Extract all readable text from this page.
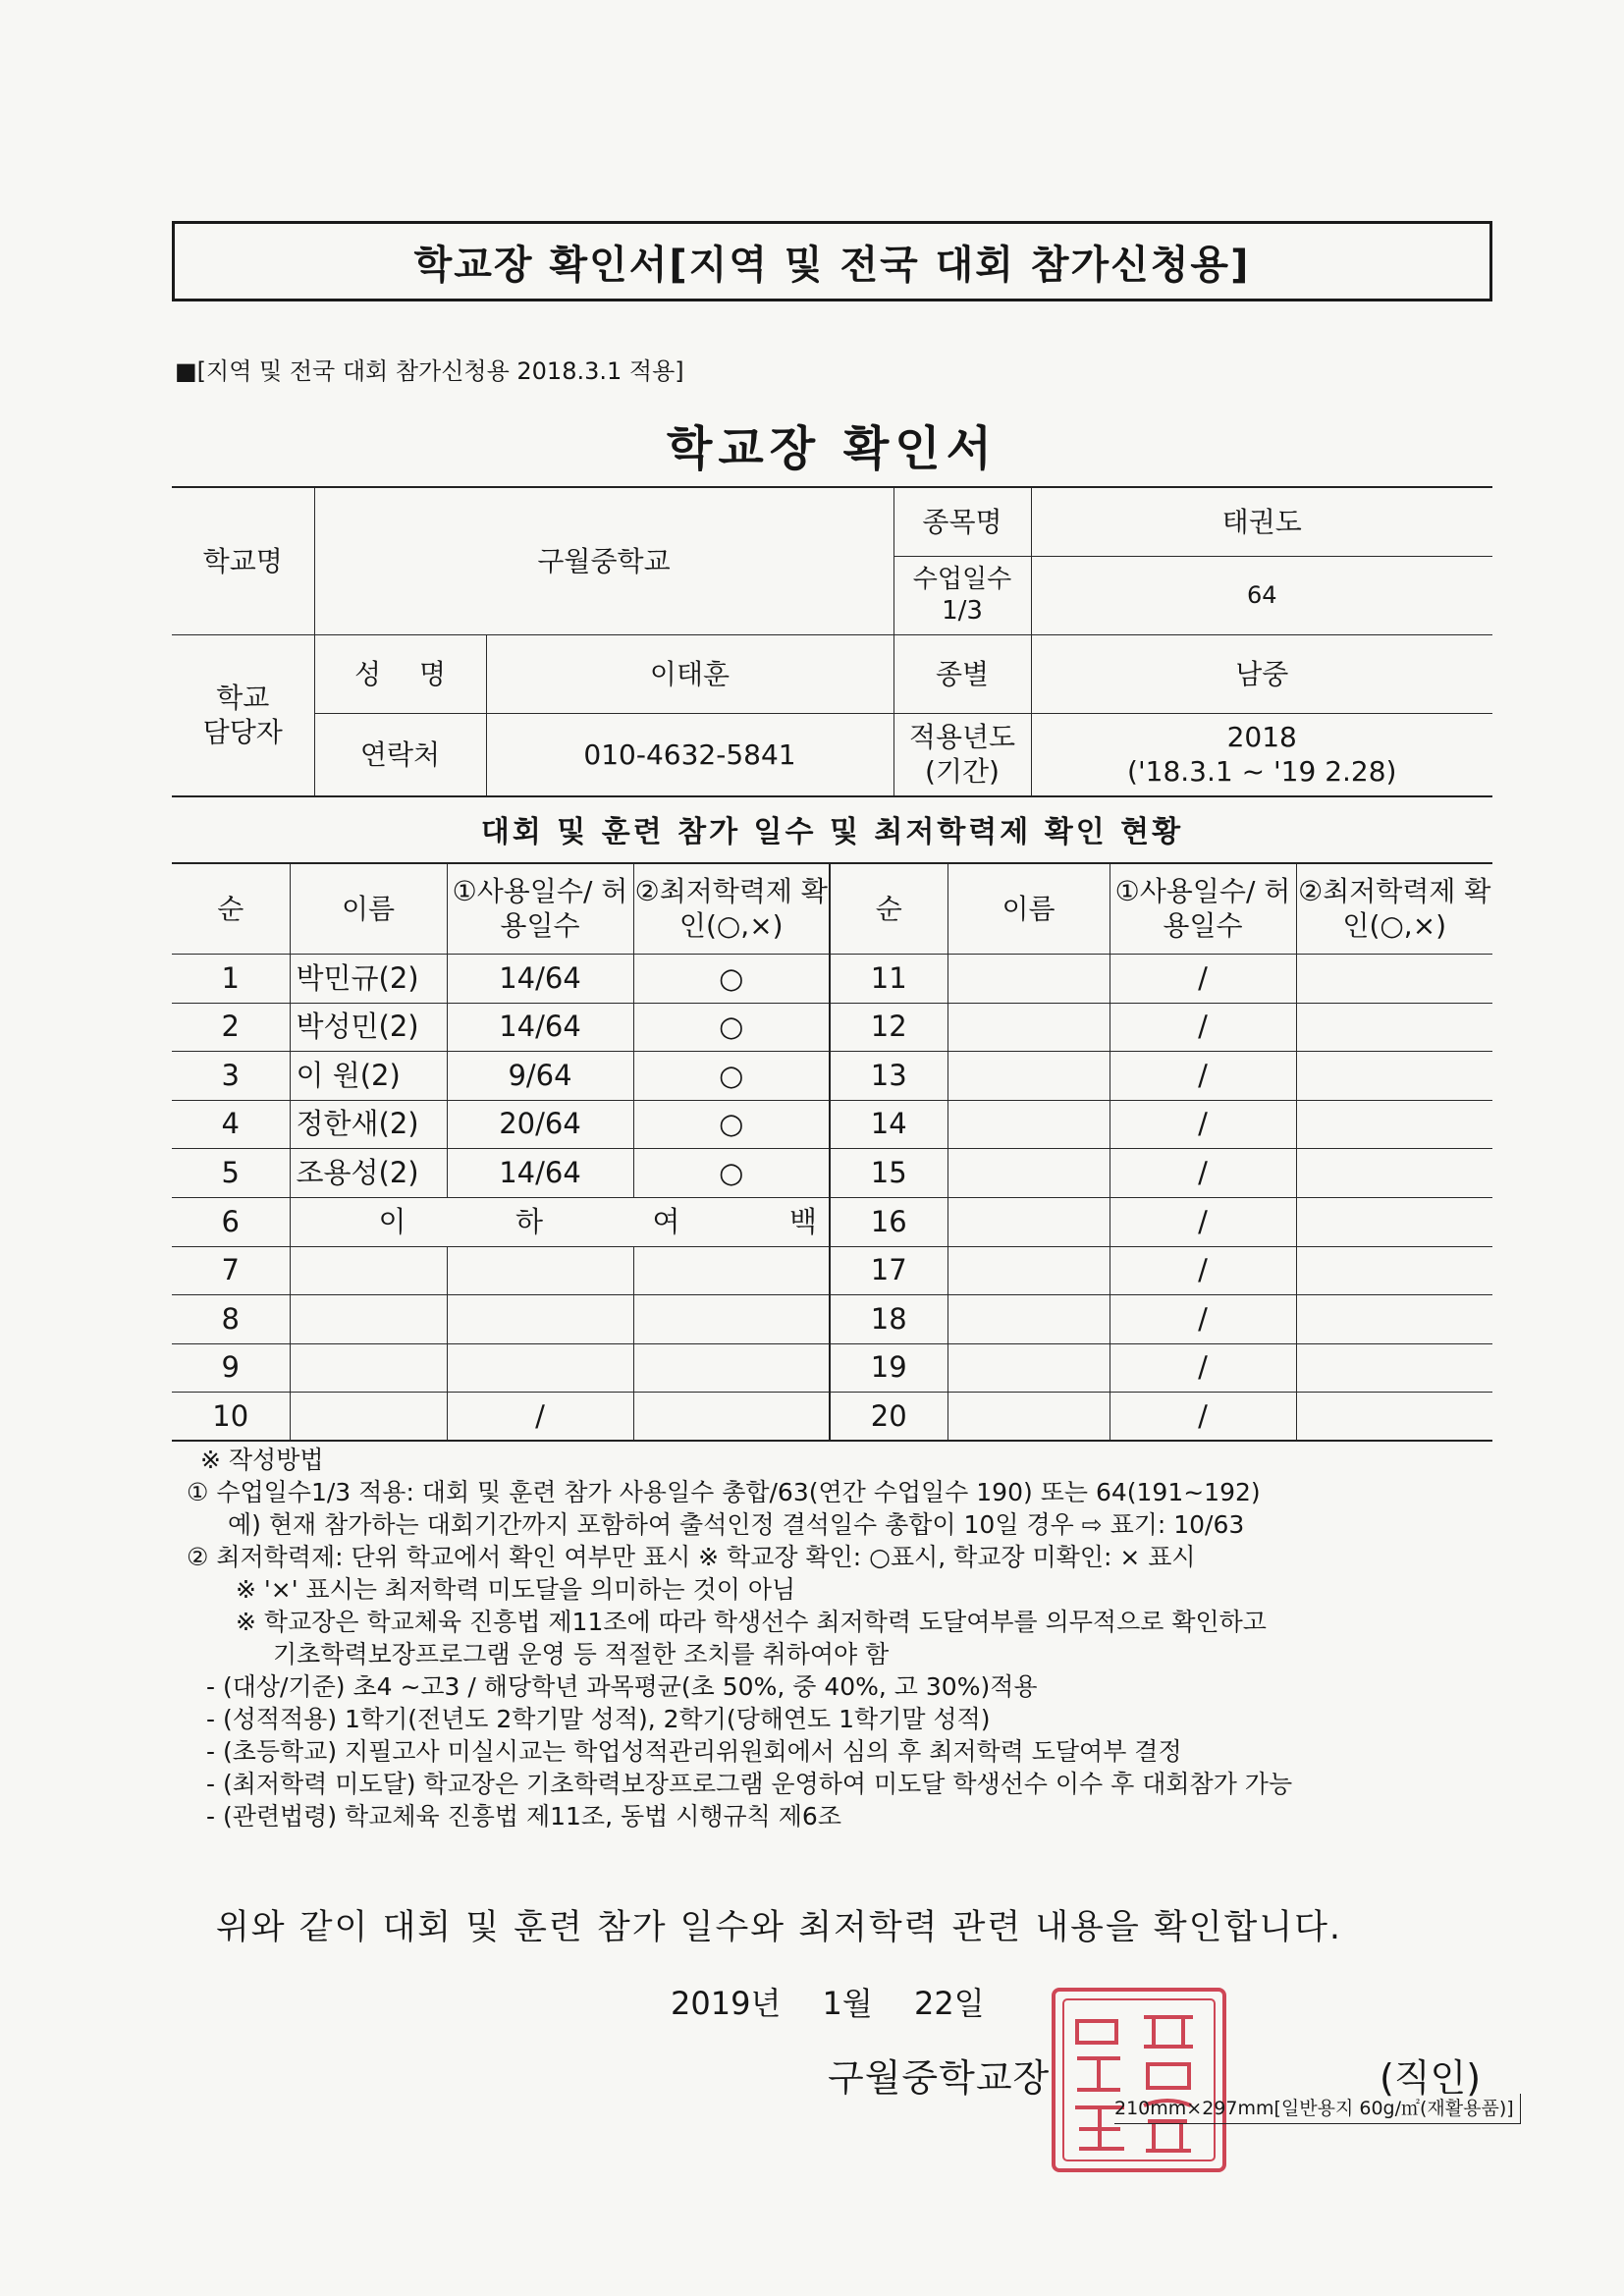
학교장 확인서[지역 및 전국 대회 참가신청용]
■[지역 및 전국 대회 참가신청용 2018.3.1 적용]
학교장 확인서
학교명	구월중학교		종목명	태권도
			수업일수 1/3	64
학교 담당자	성 명	이태훈	종별	남중
	연락처	010-4632-5841	적용년도 (기간)	2018
('18.3.1 ~ '19 2.28)
대회 및 훈련 참가 일수 및 최저학력제 확인 현황
순	이름	①사용일수/ 허용일수	②최저학력제 확인(○,×)	순	이름	①사용일수/ 허용일수	②최저학력제 확인(○,×)
1	박민규(2)	14/64	○	11		/	
2	박성민(2)	14/64	○	12		/	
3	이 원(2)	9/64	○	13		/	
4	정한새(2)	20/64	○	14		/	
5	조용성(2)	14/64	○	15		/	
6	이 하 여 백			16		/	
7				17		/	
8				18		/	
9				19		/	
10		/		20		/	
※ 작성방법
① 수업일수1/3 적용: 대회 및 훈련 참가 사용일수 총합/63(연간 수업일수 190) 또는 64(191~192)
예) 현재 참가하는 대회기간까지 포함하여 출석인정 결석일수 총합이 10일 경우 ⇨ 표기: 10/63
② 최저학력제: 단위 학교에서 확인 여부만 표시 ※ 학교장 확인: ○표시, 학교장 미확인: × 표시
※ '×' 표시는 최저학력 미도달을 의미하는 것이 아님
※ 학교장은 학교체육 진흥법 제11조에 따라 학생선수 최저학력 도달여부를 의무적으로 확인하고
기초학력보장프로그램 운영 등 적절한 조치를 취하여야 함
- (대상/기준) 초4 ~고3 / 해당학년 과목평균(초 50%, 중 40%, 고 30%)적용
- (성적적용) 1학기(전년도 2학기말 성적), 2학기(당해연도 1학기말 성적)
- (초등학교) 지필고사 미실시교는 학업성적관리위원회에서 심의 후 최저학력 도달여부 결정
- (최저학력 미도달) 학교장은 기초학력보장프로그램 운영하여 미도달 학생선수 이수 후 대회참가 가능
- (관련법령) 학교체육 진흥법 제11조, 동법 시행규칙 제6조
위와 같이 대회 및 훈련 참가 일수와 최저학력 관련 내용을 확인합니다.
2019년 1월 22일
구월중학교장	(직인)
210mm×297mm[일반용지 60g/㎡(재활용품)]
